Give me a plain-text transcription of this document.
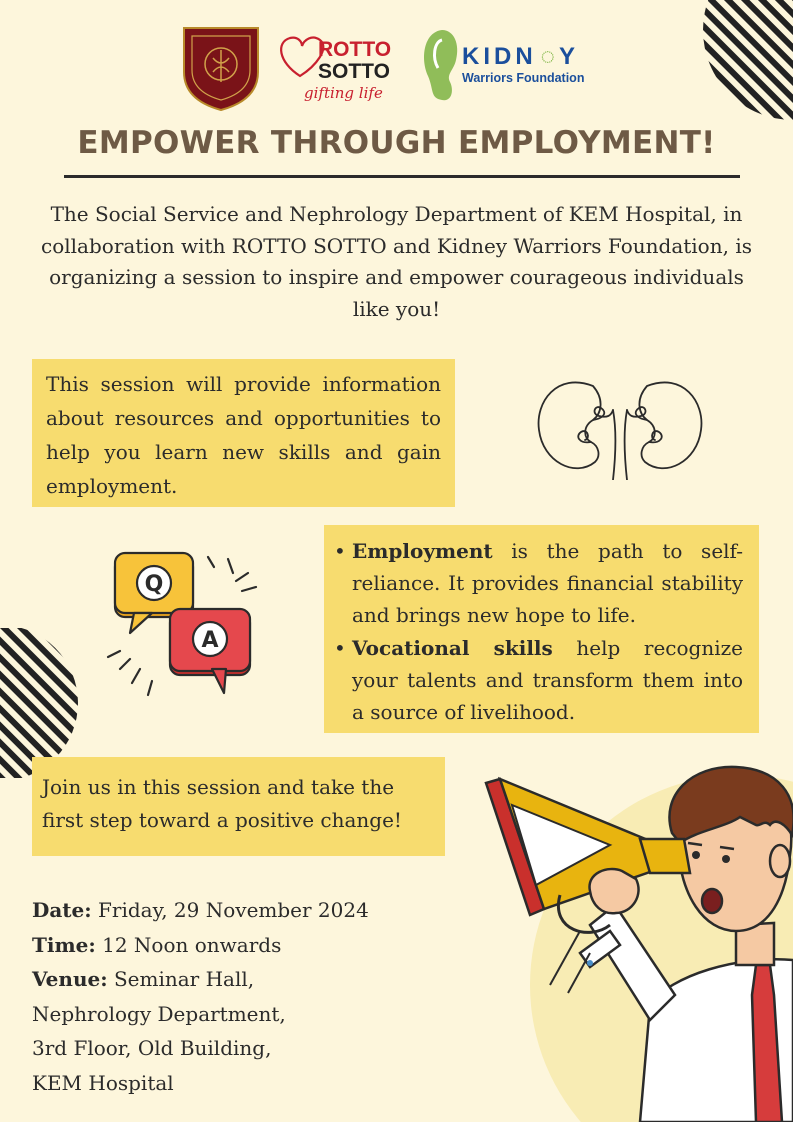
ROTTO
SOTTO
gifting life
KIDN ◌Y
Warriors Foundation
EMPOWER THROUGH EMPLOYMENT!

The Social Service and Nephrology Department of KEM Hospital, in collaboration with ROTTO SOTTO and Kidney Warriors Foundation, is organizing a session to inspire and empower courageous individuals like you!

This session will provide information about resources and opportunities to help you learn new skills and gain employment.

Q
A
• Employment is the path to self-reliance. It provides financial stability and brings new hope to life.
• Vocational skills help recognize your talents and transform them into a source of livelihood.

Join us in this session and take the first step toward a positive change!

Date: Friday, 29 November 2024
Time: 12 Noon onwards
Venue: Seminar Hall,
Nephrology Department,
3rd Floor, Old Building,
KEM Hospital
